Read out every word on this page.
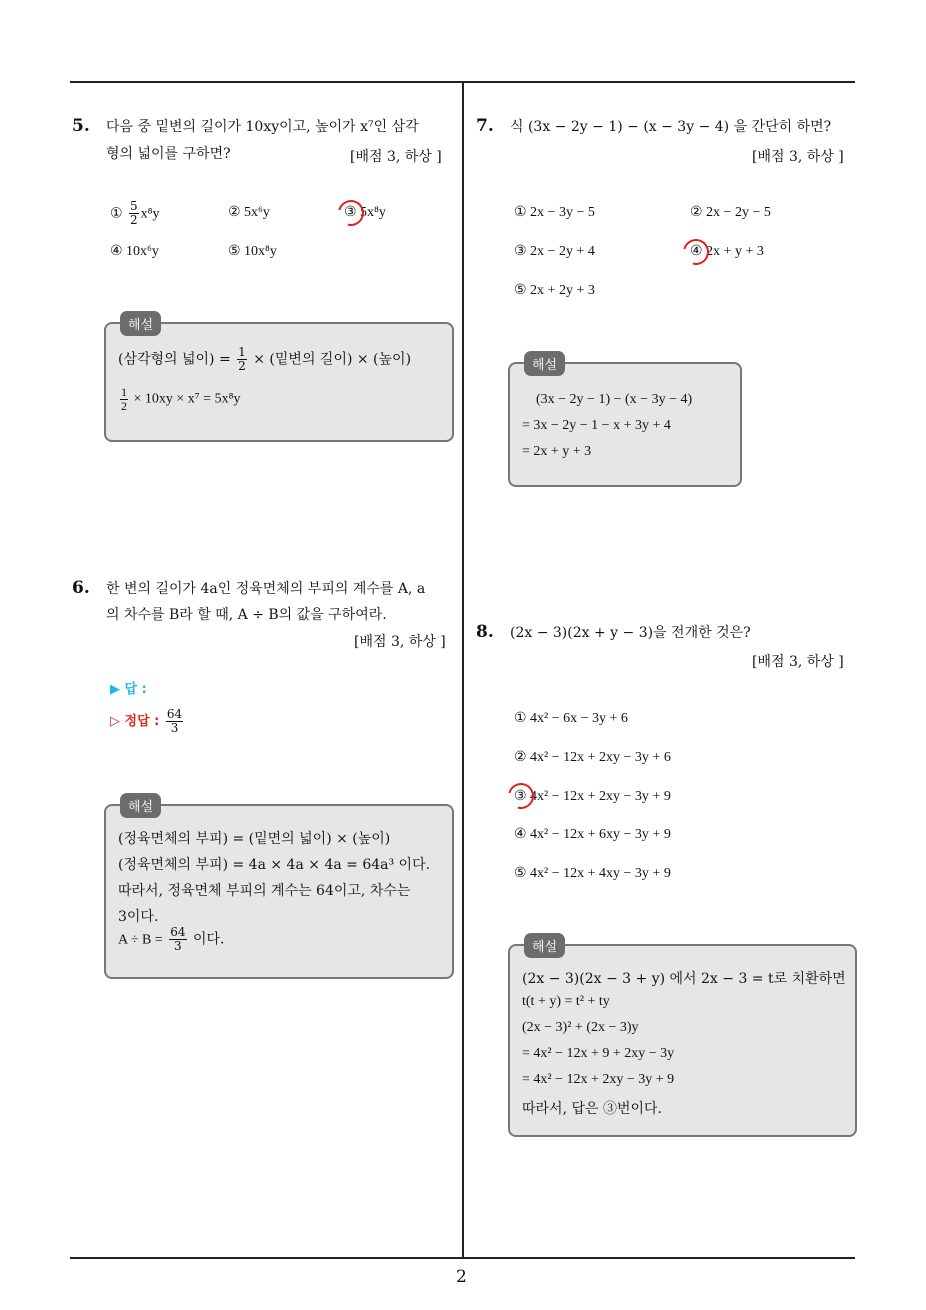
2
5. 다음 중 밑변의 길이가 10xy이고, 높이가 x⁷인 삼각
형의 넓이를 구하면?	[배점 3, 하상 ]
① $\frac{5}{2} x^8y$	② 5x⁶y	③ 5x⁸y
④ 10x⁶y	⑤ 10x⁸y
해설
(삼각형의 넓이) = $\frac{1}{2}$ × (밑변의 길이) × (높이)
$\frac{1}{2} \times 10xy \times x^7 = 5x^8y$
6. 한 변의 길이가 4a인 정육면체의 부피의 계수를 A, a
의 차수를 B라 할 때, A ÷ B의 값을 구하여라.
[배점 3, 하상 ]
▶ 답 :
▷ 정답 : $\frac{64}{3}$
해설
(정육면체의 부피) = (밑면의 넓이) × (높이)
(정육면체의 부피) = 4a × 4a × 4a = 64a³ 이다.
따라서, 정육면체 부피의 계수는 64이고, 차수는
3이다.
$A \div B = \frac{64}{3}$ 이다.
7. 식 (3x − 2y − 1) − (x − 3y − 4) 을 간단히 하면?
[배점 3, 하상 ]
① 2x − 3y − 5	② 2x − 2y − 5
③ 2x − 2y + 4	④ 2x + y + 3
⑤ 2x + 2y + 3
해설
(3x − 2y − 1) − (x − 3y − 4)
= 3x − 2y − 1 − x + 3y + 4
= 2x + y + 3
8. (2x − 3)(2x + y − 3)을 전개한 것은?
[배점 3, 하상 ]
① 4x² − 6x − 3y + 6
② 4x² − 12x + 2xy − 3y + 6
③ 4x² − 12x + 2xy − 3y + 9
④ 4x² − 12x + 6xy − 3y + 9
⑤ 4x² − 12x + 4xy − 3y + 9
해설
(2x − 3)(2x − 3 + y) 에서 2x − 3 = t로 치환하면
t(t + y) = t² + ty
(2x − 3)² + (2x − 3)y
= 4x² − 12x + 9 + 2xy − 3y
= 4x² − 12x + 2xy − 3y + 9
따라서, 답은 ③번이다.
